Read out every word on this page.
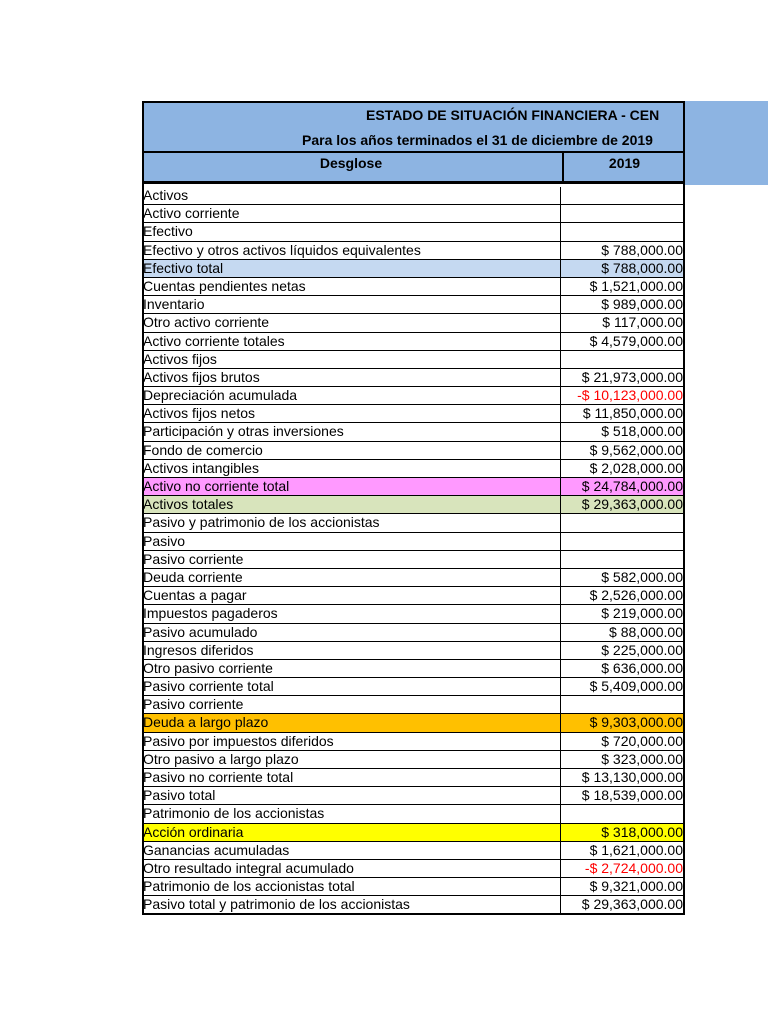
ESTADO DE SITUACIÓN FINANCIERA - CEN
Para los años terminados el 31 de diciembre de 2019
Desglose	2019
Activos
Activo corriente
Efectivo
Efectivo y otros activos líquidos equivalentes	$ 788,000.00
Efectivo total	$ 788,000.00
Cuentas pendientes netas	$ 1,521,000.00
Inventario	$ 989,000.00
Otro activo corriente	$ 117,000.00
Activo corriente totales	$ 4,579,000.00
Activos fijos
Activos fijos brutos	$ 21,973,000.00
Depreciación acumulada	-$ 10,123,000.00
Activos fijos netos	$ 11,850,000.00
Participación y otras inversiones	$ 518,000.00
Fondo de comercio	$ 9,562,000.00
Activos intangibles	$ 2,028,000.00
Activo no corriente total	$ 24,784,000.00
Activos totales	$ 29,363,000.00
Pasivo y patrimonio de los accionistas
Pasivo
Pasivo corriente
Deuda corriente	$ 582,000.00
Cuentas a pagar	$ 2,526,000.00
Impuestos pagaderos	$ 219,000.00
Pasivo acumulado	$ 88,000.00
Ingresos diferidos	$ 225,000.00
Otro pasivo corriente	$ 636,000.00
Pasivo corriente total	$ 5,409,000.00
Pasivo corriente
Deuda a largo plazo	$ 9,303,000.00
Pasivo por impuestos diferidos	$ 720,000.00
Otro pasivo a largo plazo	$ 323,000.00
Pasivo no corriente total	$ 13,130,000.00
Pasivo total	$ 18,539,000.00
Patrimonio de los accionistas
Acción ordinaria	$ 318,000.00
Ganancias acumuladas	$ 1,621,000.00
Otro resultado integral acumulado	-$ 2,724,000.00
Patrimonio de los accionistas total	$ 9,321,000.00
Pasivo total y patrimonio de los accionistas	$ 29,363,000.00
